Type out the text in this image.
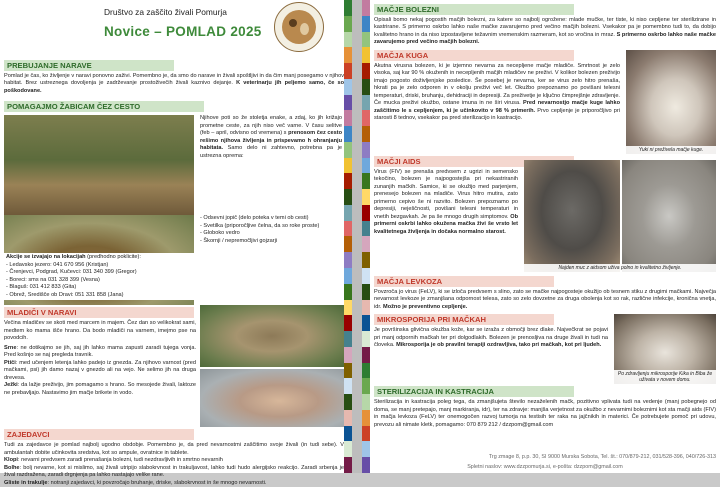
Društvo za zaščito živali Pomurja
Novice – POMLAD 2025
PREBUJANJE NARAVE
Pomlad je čas, ko življenje v naravi ponovno zaživi. Pomembno je, da smo do narave in živali spoštljivi in da čim manj posegamo v njihov habitat. Brez ustreznega dovoljenja je zadrževanje prostoživečih živali kaznivo dejanje. K veterinarju jih peljemo samo, če so poškodovane.
POMAGAJMO ŽABICAM ČEZ CESTO
Njihove poti so že stoletja enake, a zdaj, ko jih križajo prometne ceste, za njih niso več varne. V času selitve (feb – april, odvisno od vremena) s prenosom čez cesto rešimo njihova življenja in prispevamo h ohranjanju habitata. Samo delo ni zahtevno, potrebna pa je ustrezna oprema:
- Odsevni jopič (delo poteka v temi ob cesti)
- Svetilka (priporočljive čelna, da so roke proste)
- Globoko vedro
- Škornji / nepremočljivi gojzarji
Akcije se izvajajo na lokacijah (predhodno poklicite):
- Ledavsko jezero: 041 670 956 (Kristjan)
- Črenjevci, Podgrad, Kučevci: 031 340 399 (Gregor)
- Boreci: sms na 031 328 399 (Vesna)
- Blaguš: 031 412 833 (Gita)
- Obrež, Središče ob Dravi: 051 331 858 (Jana)
MLADIČI V NARAVI
Večina mladičev se skoti med marcem in majem. Čez dan so velikokrat sami, medtem ko mama išče hrano. Da bodo mladiči na varnem, imejmo pse na povodcih.
Srne: ne dotikajmo se jih, saj jih lahko mama zapusti zaradi tujega vonja. Pred košnjo se naj pregleda travnik.
Ptiči: med učenjem letenja lahko padejo iz gnezda. Za njihovo varnost (pred mačkami, psi) jih damo nazaj v gnezdo ali na vejo. Ne selimo jih na druga drevesa.
Ježki: da lažje preživijo, jim pomagamo s hrano. So mesojede živali, laktoze ne prebavljajo. Nastavimo jim mačje brikete in vodo.
ZAJEDAVCI
Tudi za zajedavce je pomlad najbolj ugodno obdobje. Pomembno je, da pred nevarnostmi zaščitimo svoje živali (in tudi sebe). V ambulantah dobite učinkovita sredstva, kot so ampule, ovratnice in tablete.
Klopi: nevarni predvsem zaradi prenašanja bolezni, tudi nezdravljivih in smrtno nevarnih
Bolhe: bolj nevarne, kot si mislimo, saj živali utripijo slabokrvnost in trakuljavost, lahko tudi hudo alergijsko reakcijo. Zaradi srbenja je žival razdražena, zaradi drgnjenja pa lahko nastajajo velike rane.
Gliste in trakulje: notranji zajedavci, ki povzročajo bruhanje, driske, slabokrvnost in še mnogo nevarnosti.
MAČJE BOLEZNI
Opisali bomo nekaj pogostih mačjih bolezni, za katere so najbolj ogrožene: mlade mučke, ter tiste, ki niso cepljene ter sterilizirane in kastrirane. S primerno oskrbo lahko naše mačke zavarujemo pred večino mačjih bolezni. Vsekakor pa je pomembno tudi to, da dobijo kvalitetno hrano in da niso izpostavljene težavnim vremenskim razmeram, kot so vročina in mraz. S primerno oskrbo lahko naše mačke zavarujemo pred večino mačjih bolezni.
MAČJA KUGA
Akutna virusna bolezen, ki je izjemno nevarna za necepljene mačje mladiče. Smrtnost je zelo visoka, saj kar 90 % okuženih in necepljenih mačjih mladičev ne preživi. V kolikor bolezen preživijo imajo pogosto doživljenjske posledice. Še posebej je nevarna, ker se virus zelo hitro prenaša, hkrati pa je zelo odporen in v okolju preživi več let. Okužbo prepoznamo po povišani telesni temperaturi, driski, bruhanju, dehidraciji in depresiji. Za preživetje je ključno čimprejšnje zdravljenje. Če mucka preživi okužbo, ostane imuna in ne širi virusa. Pred nevarnostjo mačje kuge lahko zaščitimo le s cepljenjem, ki je učinkovito v 98 % primerih. Prvo cepljenje je priporočljivo pri starosti 8 tednov, vsekakor pa pred sterilizacijo in kastracijo.
Yuki ni preživela mačje kuge.
MAČJI AIDS
Virus (FIV) se prenaša predvsem z ugrizi in semensko tekočino, bolezen je najpogostejša pri nekastriranih zunanjih mačkih. Samice, ki se okužijo med parjenjem, prenesejo bolezen na mladiče. Virus hitro mutira, zato primerno cepivo še ni razvito. Bolezen prepoznamo po depresiji, neješčnosti, povišani telesni temperaturi in vnetih bezgavkah. Je pa še mnogo drugih simptomov. Ob primerni oskrbi lahko okužena mačka živi še vrsto let kvalitetnega življenja in dočaka normalno starost.
Najden muc z aidsom uživa polno in kvalitetno življenje.
MAČJA LEVKOZA
Povzroča jo virus (FeLV), ki se izloča predvsem s slino, zato se mačke najpogosteje okužijo ob tesnem stiku z drugimi mačkami. Največja nevarnost levkoze je zmanjšana odpornost telesa, zato so zelo dovzetne za druga obolenja kot so rak, različne infekcije, kronična vnetja, idr. Možno je preventivno cepljenje.
MIKROSPORIJA PRI MAČKAH
Je površinska glivična okužba kože, kar se izraža z območji brez dlake. Največkrat se pojavi pri manj odpornih mačkah ter pri dolgodlakih. Bolezen je prenosljiva na druge živali in tudi na človeka. Mikrosporija je ob pravilni terapiji ozdravljiva, tako pri mačkah, kot pri ljudeh.
Po zdravljenju mikrosporije Kika in Biba že uživata v novem domu.
STERILIZACIJA IN KASTRACIJA
Sterilizacija in kastracija poleg tega, da zmanjšujeta število nezaželenih mačk, pozitivno vplivata tudi na vedenje (manj pobegnejo od doma, se manj pretepajo, manj markiranja, idr), ter na zdravje: manjša verjetnost za okužbo z nevarnimi boleznimi kot sta mačji aids (FIV) in mačja levkoza (FeLV) ter onemogočen razvoj tumorja na testisih ter raka na jajčnikih in materici. Če potrebujete pomoč pri udovu, prevozu ali nimate kletk, pomagamo: 070 879 212 / dzzpom@gmail.com
Trg zmage 8, p.p. 30, SI 9000 Murska Sobota, Tel. št.: 070/879-212, 031/528-396, 040/726-313
Spletni naslov: www.dzzpomurja.si, e-pošta: dzzpom@gmail.com
